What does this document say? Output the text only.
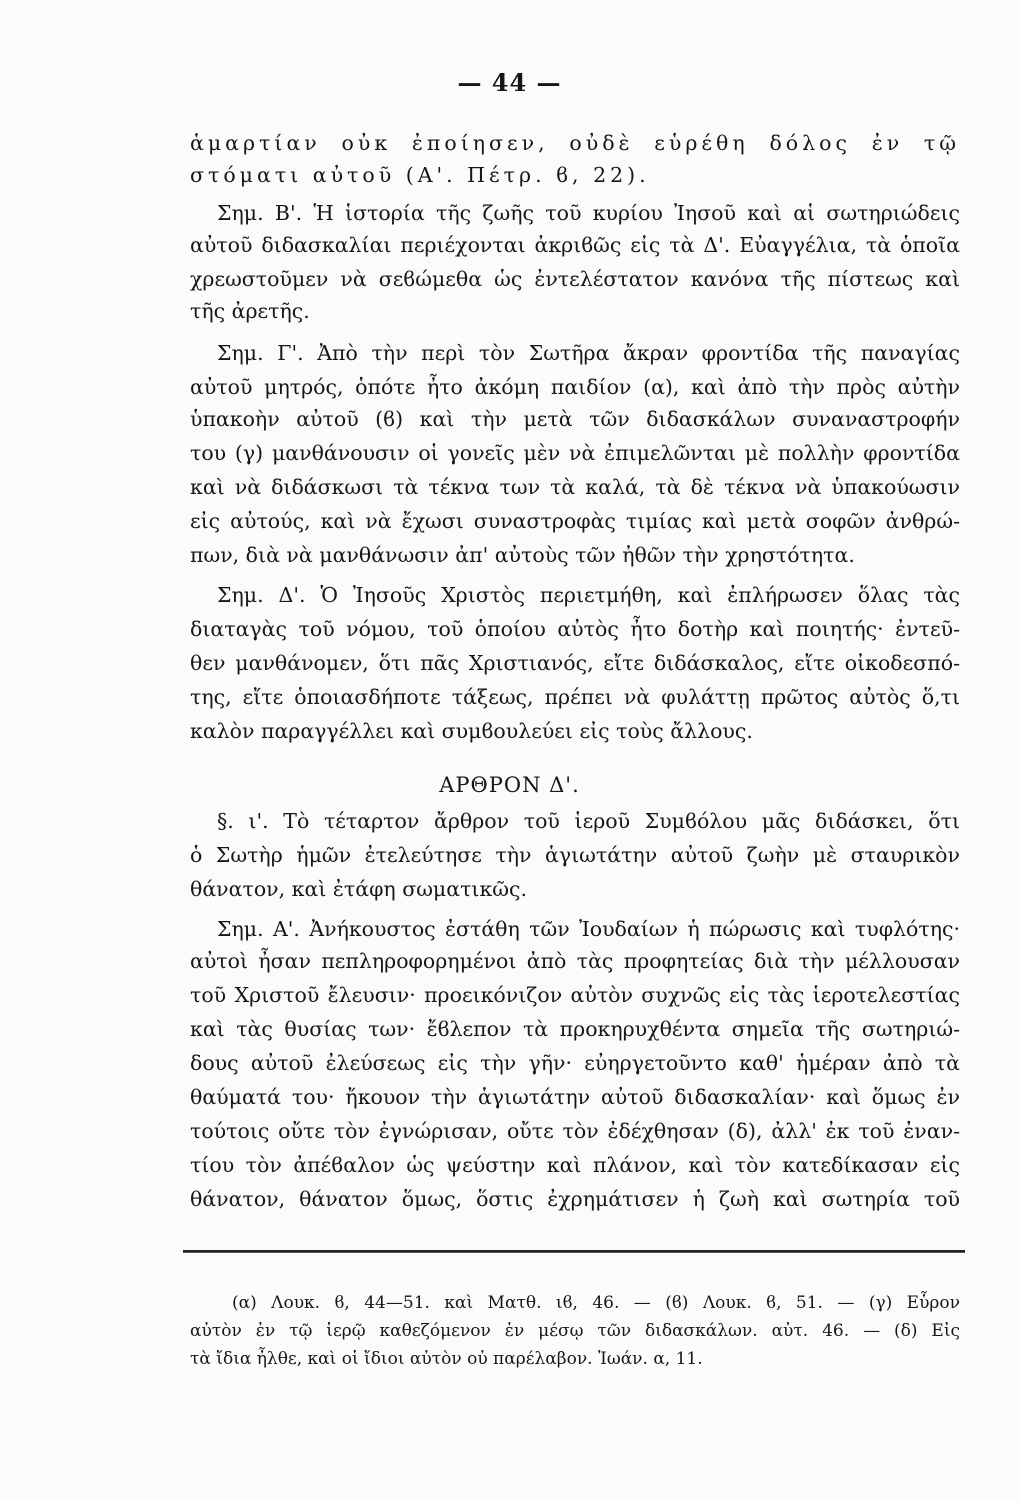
— 44 —
ἁμαρτίαν οὐκ ἐποίησεν, οὐδὲ εὑρέθη δόλος ἐν τῷ
στόματι αὐτοῦ (Α'. Πέτρ. ϐ, 22).
Σημ. Β'. Ἡ ἱστορία τῆς ζωῆς τοῦ κυρίου Ἰησοῦ καὶ αἱ σωτηριώδεις
αὐτοῦ διδασκαλίαι περιέχονται ἀκριϐῶς εἰς τὰ Δ'. Εὐαγγέλια, τὰ ὁποῖα
χρεωστοῦμεν νὰ σεϐώμεθα ὡς ἐντελέστατον κανόνα τῆς πίστεως καὶ
τῆς ἀρετῆς.
Σημ. Γ'. Ἀπὸ τὴν περὶ τὸν Σωτῆρα ἄκραν φροντίδα τῆς παναγίας
αὐτοῦ μητρός, ὁπότε ἦτο ἀκόμη παιδίον (α), καὶ ἀπὸ τὴν πρὸς αὐτὴν
ὑπακοὴν αὐτοῦ (ϐ) καὶ τὴν μετὰ τῶν διδασκάλων συναναστροφήν
του (γ) μανθάνουσιν οἱ γονεῖς μὲν νὰ ἐπιμελῶνται μὲ πολλὴν φροντίδα
καὶ νὰ διδάσκωσι τὰ τέκνα των τὰ καλά, τὰ δὲ τέκνα νὰ ὑπακούωσιν
εἰς αὐτούς, καὶ νὰ ἔχωσι συναστροφὰς τιμίας καὶ μετὰ σοφῶν ἀνθρώ-
πων, διὰ νὰ μανθάνωσιν ἀπ' αὐτοὺς τῶν ἠθῶν τὴν χρηστότητα.
Σημ. Δ'. Ὁ Ἰησοῦς Χριστὸς περιετμήθη, καὶ ἐπλήρωσεν ὅλας τὰς
διαταγὰς τοῦ νόμου, τοῦ ὁποίου αὐτὸς ἦτο δοτὴρ καὶ ποιητής· ἐντεῦ-
θεν μανθάνομεν, ὅτι πᾶς Χριστιανός, εἴτε διδάσκαλος, εἴτε οἰκοδεσπό-
της, εἴτε ὁποιασδήποτε τάξεως, πρέπει νὰ φυλάττῃ πρῶτος αὐτὸς ὅ,τι
καλὸν παραγγέλλει καὶ συμϐουλεύει εἰς τοὺς ἄλλους.
ΑΡΘΡΟΝ Δ'.
§. ι'. Τὸ τέταρτον ἄρθρον τοῦ ἱεροῦ Συμϐόλου μᾶς διδάσκει, ὅτι
ὁ Σωτὴρ ἡμῶν ἐτελεύτησε τὴν ἁγιωτάτην αὐτοῦ ζωὴν μὲ σταυρικὸν
θάνατον, καὶ ἐτάφη σωματικῶς.
Σημ. Α'. Ἀνήκουστος ἐστάθη τῶν Ἰουδαίων ἡ πώρωσις καὶ τυφλότης·
αὐτοὶ ἦσαν πεπληροφορημένοι ἀπὸ τὰς προφητείας διὰ τὴν μέλλουσαν
τοῦ Χριστοῦ ἔλευσιν· προεικόνιζον αὐτὸν συχνῶς εἰς τὰς ἱεροτελεστίας
καὶ τὰς θυσίας των· ἔϐλεπον τὰ προκηρυχθέντα σημεῖα τῆς σωτηριώ-
δους αὐτοῦ ἐλεύσεως εἰς τὴν γῆν· εὐηργετοῦντο καθ' ἡμέραν ἀπὸ τὰ
θαύματά του· ἤκουον τὴν ἁγιωτάτην αὐτοῦ διδασκαλίαν· καὶ ὅμως ἐν
τούτοις οὔτε τὸν ἐγνώρισαν, οὔτε τὸν ἐδέχθησαν (δ), ἀλλ' ἐκ τοῦ ἐναν-
τίου τὸν ἀπέϐαλον ὡς ψεύστην καὶ πλάνον, καὶ τὸν κατεδίκασαν εἰς
θάνατον, θάνατον ὅμως, ὅστις ἐχρημάτισεν ἡ ζωὴ καὶ σωτηρία τοῦ
(α) Λουκ. ϐ, 44—51. καὶ Ματθ. ιϐ, 46. — (ϐ) Λουκ. ϐ, 51. — (γ) Εὗρον
αὐτὸν ἐν τῷ ἱερῷ καθεζόμενον ἐν μέσῳ τῶν διδασκάλων. αὐτ. 46. — (δ) Εἰς
τὰ ἴδια ἦλθε, καὶ οἱ ἴδιοι αὐτὸν οὐ παρέλαβον. Ἰωάν. α, 11.
